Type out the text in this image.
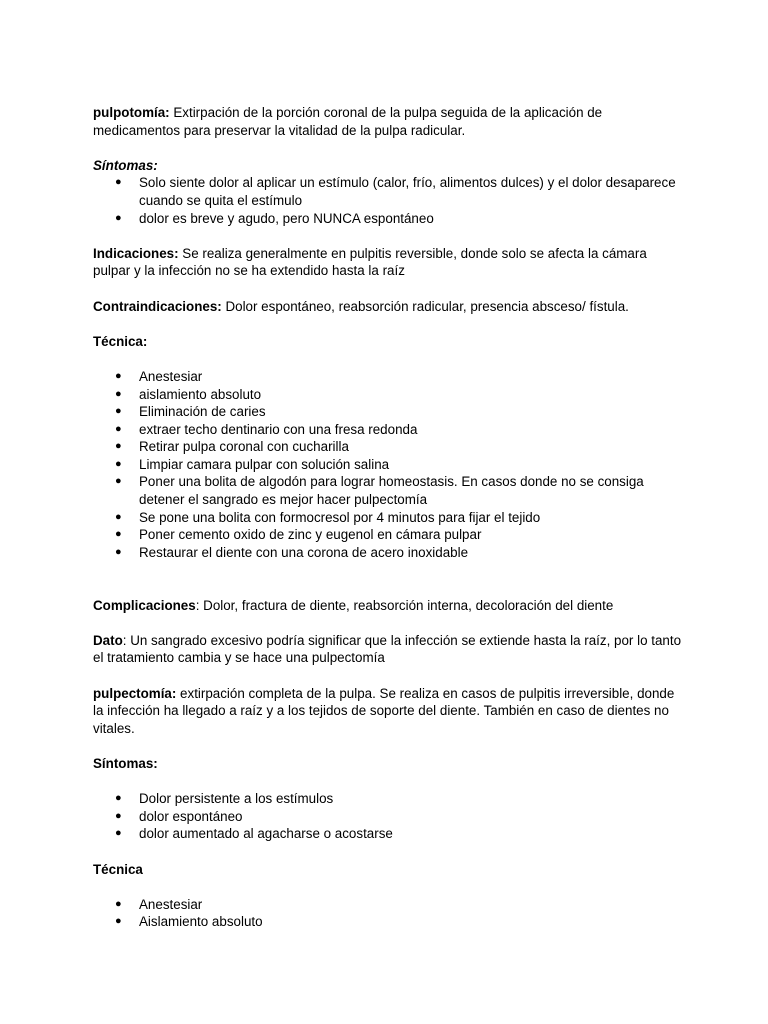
pulpotomía: Extirpación de la porción coronal de la pulpa seguida de la aplicación de medicamentos para preservar la vitalidad de la pulpa radicular.

Síntomas:

● Solo siente dolor al aplicar un estímulo (calor, frío, alimentos dulces) y el dolor desaparece cuando se quita el estímulo
● dolor es breve y agudo, pero NUNCA espontáneo

Indicaciones: Se realiza generalmente en pulpitis reversible, donde solo se afecta la cámara pulpar y la infección no se ha extendido hasta la raíz

Contraindicaciones: Dolor espontáneo, reabsorción radicular, presencia absceso/ fístula.

Técnica:

● Anestesiar
● aislamiento absoluto
● Eliminación de caries
● extraer techo dentinario con una fresa redonda
● Retirar pulpa coronal con cucharilla
● Limpiar camara pulpar con solución salina
● Poner una bolita de algodón para lograr homeostasis. En casos donde no se consiga detener el sangrado es mejor hacer pulpectomía
● Se pone una bolita con formocresol por 4 minutos para fijar el tejido
● Poner cemento oxido de zinc y eugenol en cámara pulpar
● Restaurar el diente con una corona de acero inoxidable

Complicaciones: Dolor, fractura de diente, reabsorción interna, decoloración del diente

Dato: Un sangrado excesivo podría significar que la infección se extiende hasta la raíz, por lo tanto el tratamiento cambia y se hace una pulpectomía

pulpectomía: extirpación completa de la pulpa. Se realiza en casos de pulpitis irreversible, donde la infección ha llegado a raíz y a los tejidos de soporte del diente. También en caso de dientes no vitales.

Síntomas:

● Dolor persistente a los estímulos
● dolor espontáneo
● dolor aumentado al agacharse o acostarse

Técnica

● Anestesiar
● Aislamiento absoluto
